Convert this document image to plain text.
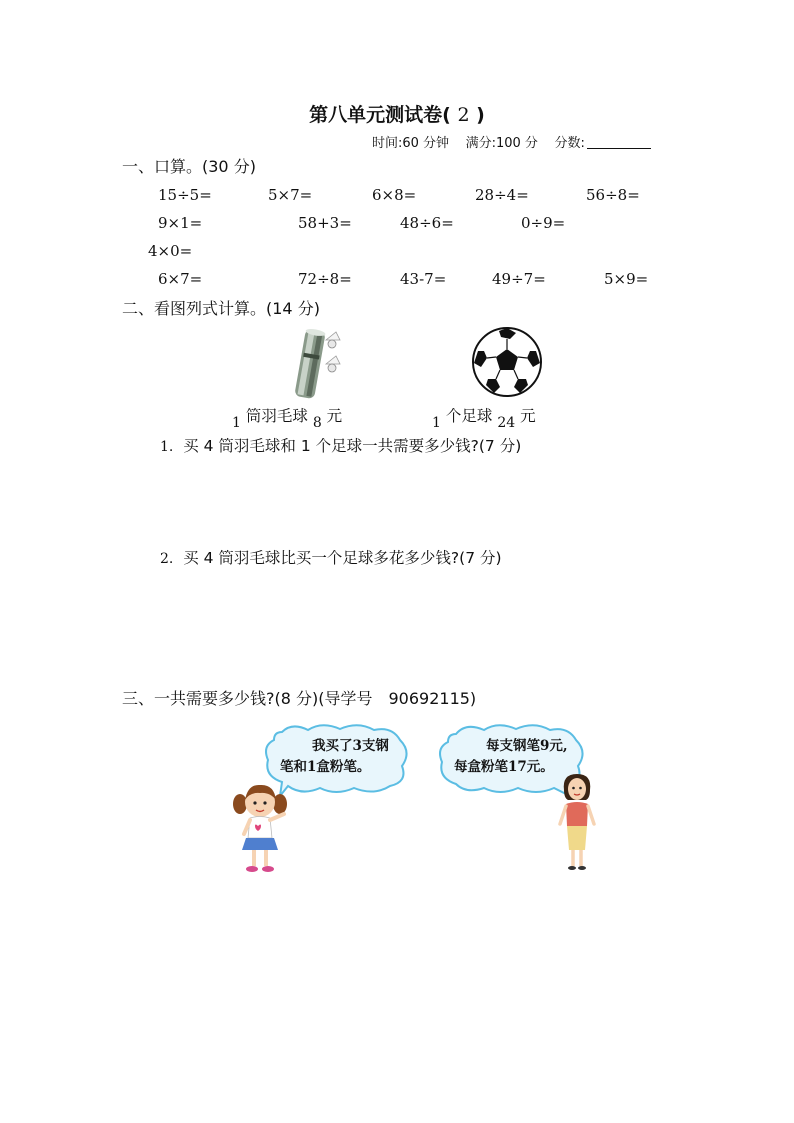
第八单元测试卷( 2 )
时间:60 分钟 满分:100 分 分数:
一、口算。(30 分)
15÷5=	5×7=	6×8=	28÷4=	56÷8=
9×1=	58+3=	48÷6=	0÷9=
4×0=
6×7=	72÷8=	43-7=	49÷7=	5×9=
二、看图列式计算。(14 分)
1 筒羽毛球 8 元	1 个足球 24 元
1. 买 4 筒羽毛球和 1 个足球一共需要多少钱?(7 分)
2. 买 4 筒羽毛球比买一个足球多花多少钱?(7 分)
三、一共需要多少钱?(8 分)(导学号　90692115)
我买了3支钢
笔和1盒粉笔。
每支钢笔9元,
每盒粉笔17元。
